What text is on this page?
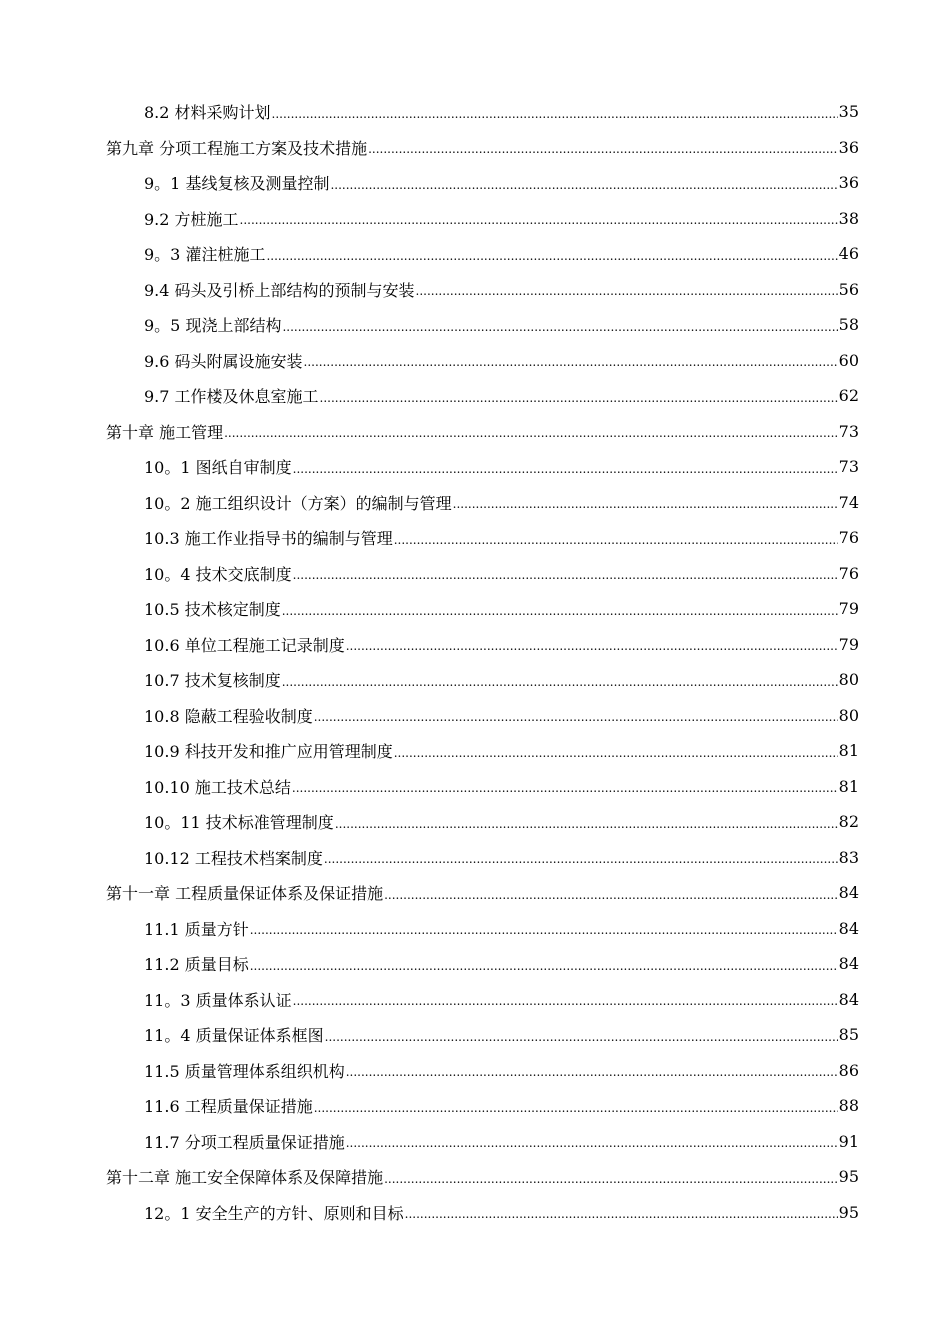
8.2 材料采购计划 .....	35
第九章 分项工程施工方案及技术措施 .....	36
9。1 基线复核及测量控制 .....	36
9.2 方桩施工 .....	38
9。3 灌注桩施工 .....	46
9.4 码头及引桥上部结构的预制与安装 .....	56
9。5 现浇上部结构 .....	58
9.6 码头附属设施安装 .....	60
9.7 工作楼及休息室施工 .....	62
第十章 施工管理 .....	73
10。1 图纸自审制度 .....	73
10。2 施工组织设计（方案）的编制与管理 .....	74
10.3 施工作业指导书的编制与管理 .....	76
10。4 技术交底制度 .....	76
10.5 技术核定制度 .....	79
10.6 单位工程施工记录制度 .....	79
10.7 技术复核制度 .....	80
10.8 隐蔽工程验收制度 .....	80
10.9 科技开发和推广应用管理制度 .....	81
10.10 施工技术总结 .....	81
10。11 技术标准管理制度 .....	82
10.12 工程技术档案制度 .....	83
第十一章 工程质量保证体系及保证措施 .....	84
11.1 质量方针 .....	84
11.2 质量目标 .....	84
11。3 质量体系认证 .....	84
11。4 质量保证体系框图 .....	85
11.5 质量管理体系组织机构 .....	86
11.6 工程质量保证措施 .....	88
11.7 分项工程质量保证措施 .....	91
第十二章 施工安全保障体系及保障措施 .....	95
12。1 安全生产的方针、原则和目标 .....	95
